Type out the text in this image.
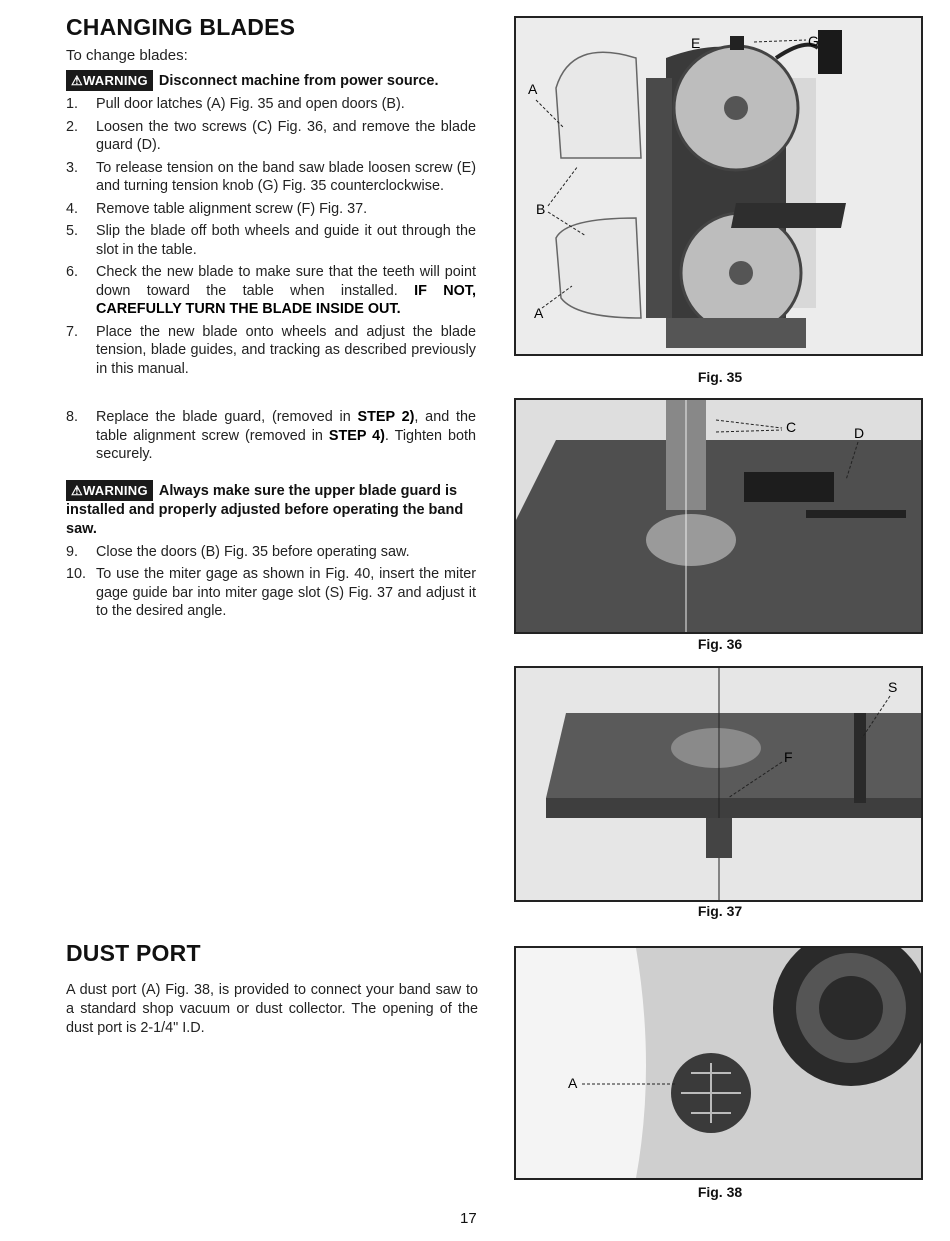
CHANGING BLADES

To change blades:

⚠WARNING Disconnect machine from power source.

1.	Pull door latches (A) Fig. 35 and open doors (B).
2.	Loosen the two screws (C) Fig. 36, and remove the blade guard (D).
3.	To release tension on the band saw blade loosen screw (E) and turning tension knob (G) Fig. 35 counterclockwise.
4.	Remove table alignment screw (F) Fig. 37.
5.	Slip the blade off both wheels and guide it out through the slot in the table.
6.	Check the new blade to make sure that the teeth will point down toward the table when installed. IF NOT, CAREFULLY TURN THE BLADE INSIDE OUT.
7.	Place the new blade onto wheels and adjust the blade tension, blade guides, and tracking as described previously in this manual.
8.	Replace the blade guard, (removed in STEP 2), and the table alignment screw (removed in STEP 4). Tighten both securely.

⚠WARNING Always make sure the upper blade guard is installed and properly adjusted before operating the band saw.

9.	Close the doors (B) Fig. 35 before operating saw.
10. To use the miter gage as shown in Fig. 40, insert the miter gage guide bar into miter gage slot (S) Fig. 37 and adjust it to the desired angle.
DUST PORT

A dust port (A) Fig. 38, is provided to connect your band saw to a standard shop vacuum or dust collector. The opening of the dust port is 2-1/4" I.D.

E	G
A
B
A
Fig. 35
C	D
Fig. 36
S
F
Fig. 37
A
Fig. 38
17
